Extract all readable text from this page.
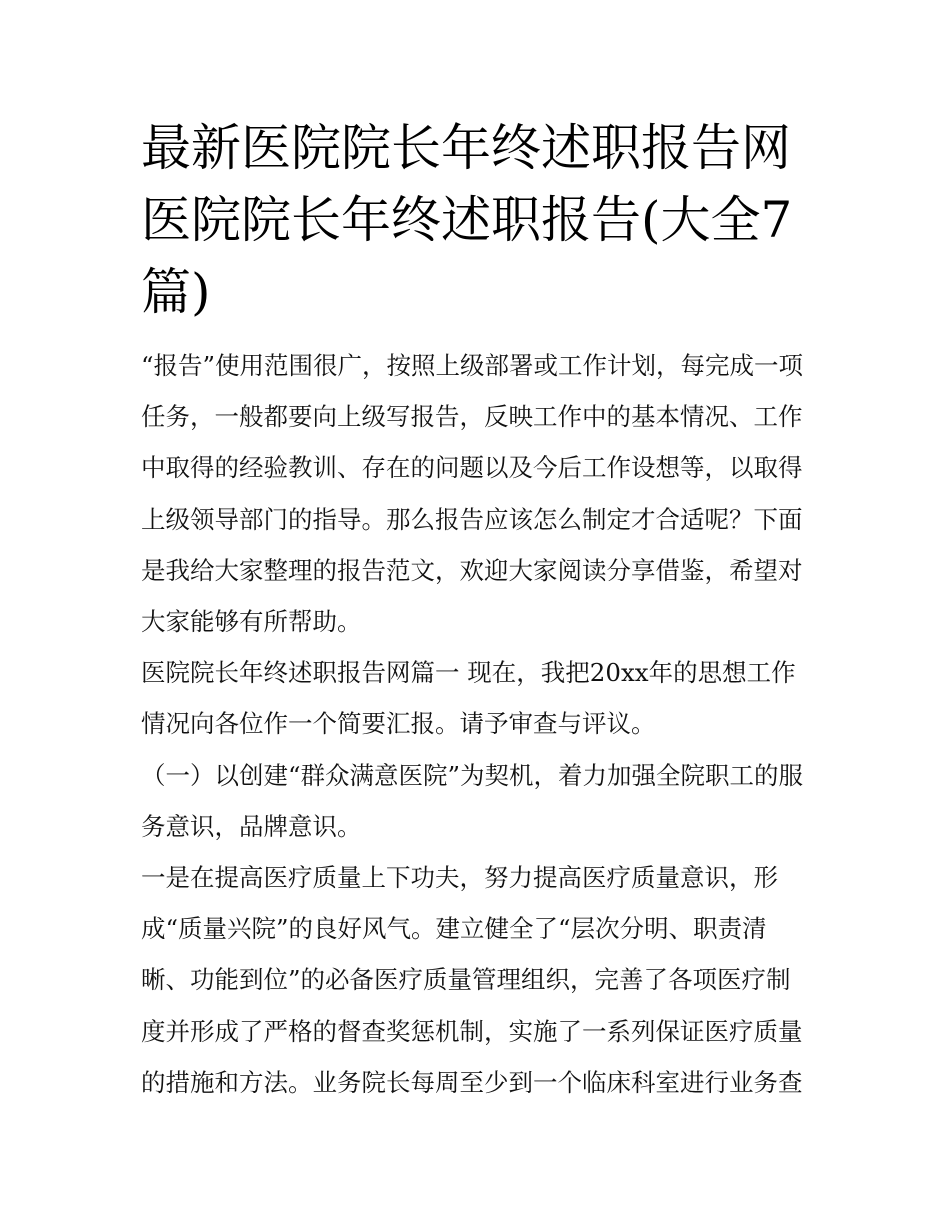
最新医院院长年终述职报告网
医院院长年终述职报告(大全7
篇)
“报告”使用范围很广，按照上级部署或工作计划，每完成一项
任务，一般都要向上级写报告，反映工作中的基本情况、工作
中取得的经验教训、存在的问题以及今后工作设想等，以取得
上级领导部门的指导。那么报告应该怎么制定才合适呢？下面
是我给大家整理的报告范文，欢迎大家阅读分享借鉴，希望对
大家能够有所帮助。
医院院长年终述职报告网篇一 现在，我把20xx年的思想工作
情况向各位作一个简要汇报。请予审查与评议。
（一）以创建“群众满意医院”为契机，着力加强全院职工的服
务意识，品牌意识。
一是在提高医疗质量上下功夫，努力提高医疗质量意识，形
成“质量兴院”的良好风气。建立健全了“层次分明、职责清
晰、功能到位”的必备医疗质量管理组织，完善了各项医疗制
度并形成了严格的督查奖惩机制，实施了一系列保证医疗质量
的措施和方法。业务院长每周至少到一个临床科室进行业务查
